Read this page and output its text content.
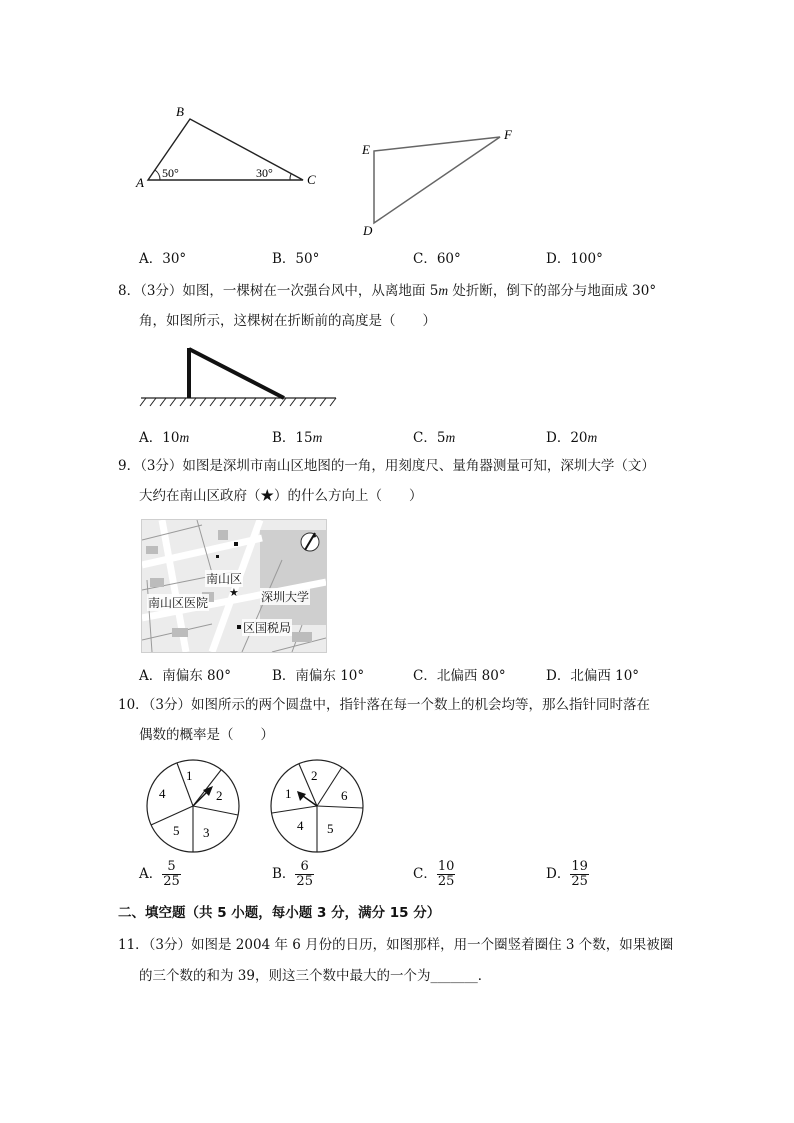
B
A	C
50°	30°
E
F
D
A．30°	B．50°	C．60°	D．100°
8．（3分）如图，一棵树在一次强台风中，从离地面 5m 处折断，倒下的部分与地面成 30°
角，如图所示，这棵树在折断前的高度是（　　）
A．10m	B．15m	C．5m	D．20m
9．（3分）如图是深圳市南山区地图的一角，用刻度尺、量角器测量可知，深圳大学（文）
大约在南山区政府（★）的什么方向上（　　）
南山区
★
南山区医院	深圳大学
区国税局
A．南偏东 80°	B．南偏东 10°	C．北偏西 80°	D．北偏西 10°
10．（3分）如图所示的两个圆盘中，指针落在每一个数上的机会均等，那么指针同时落在
偶数的概率是（　　）
1
2
3
5
4
2
6
5
4
1
A． $\frac{5}{25}$	B． $\frac{6}{25}$	C． $\frac{10}{25}$	D． $\frac{19}{25}$
二、填空题（共 5 小题，每小题 3 分，满分 15 分）
11．（3分）如图是 2004 年 6 月份的日历，如图那样，用一个圈竖着圈住 3 个数，如果被圈
的三个数的和为 39，则这三个数中最大的一个为_______．
